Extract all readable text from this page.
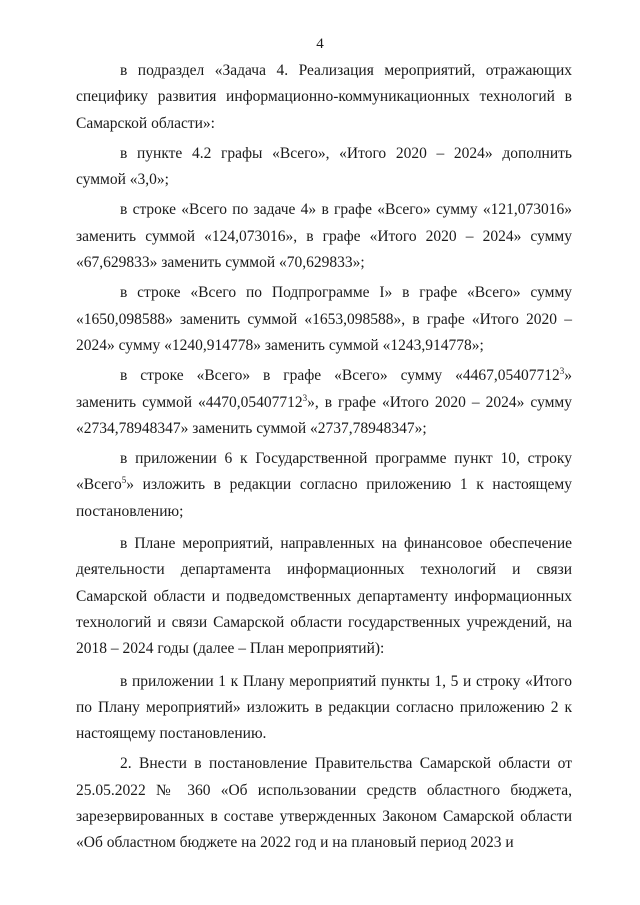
4

в подраздел «Задача 4. Реализация мероприятий, отражающих специфику развития информационно-коммуникационных технологий в Самарской области»:

в пункте 4.2 графы «Всего», «Итого 2020 – 2024» дополнить суммой «3,0»;

в строке «Всего по задаче 4» в графе «Всего» сумму «121,073016» заменить суммой «124,073016», в графе «Итого 2020 – 2024» сумму «67,629833» заменить суммой «70,629833»;

в строке «Всего по Подпрограмме I» в графе «Всего» сумму «1650,098588» заменить суммой «1653,098588», в графе «Итого 2020 – 2024» сумму «1240,914778» заменить суммой «1243,914778»;

в строке «Всего» в графе «Всего» сумму «4467,05407712$^3$» заменить суммой «4470,05407712$^3$», в графе «Итого 2020 – 2024» сумму «2734,78948347» заменить суммой «2737,78948347»;

в приложении 6 к Государственной программе пункт 10, строку «Всего$^5$» изложить в редакции согласно приложению 1 к настоящему постановлению;

в Плане мероприятий, направленных на финансовое обеспечение деятельности департамента информационных технологий и связи Самарской области и подведомственных департаменту информационных технологий и связи Самарской области государственных учреждений, на 2018 – 2024 годы (далее – План мероприятий):

в приложении 1 к Плану мероприятий пункты 1, 5 и строку «Итого по Плану мероприятий» изложить в редакции согласно приложению 2 к настоящему постановлению.

2. Внести в постановление Правительства Самарской области от 25.05.2022 № 360 «Об использовании средств областного бюджета, зарезервированных в составе утвержденных Законом Самарской области «Об областном бюджете на 2022 год и на плановый период 2023 и
